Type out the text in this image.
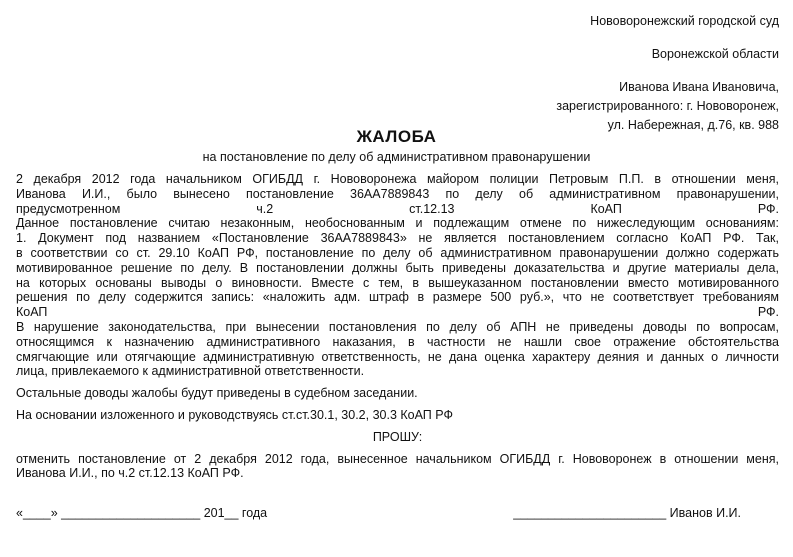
Нововоронежский городской суд
Воронежской области
Иванова Ивана Ивановича,
зарегистрированного: г. Нововоронеж,
ул. Набережная, д.76, кв. 988
ЖАЛОБА
на постановление по делу об административном правонарушении

2 декабря 2012 года начальником ОГИБДД г. Нововоронежа майором полиции Петровым П.П. в отношении меня,

Иванова И.И., было вынесено постановление 36АА7889843 по делу об административном правонарушении,

предусмотренном	ч.2	ст.12.13	КоАП	РФ.

Данное постановление считаю незаконным, необоснованным и подлежащим отмене по нижеследующим основаниям:

1. Документ под названием «Постановление 36АА7889843» не является постановлением согласно КоАП РФ. Так,

в соответствии со ст. 29.10 КоАП РФ, постановление по делу об административном правонарушении должно содержать

мотивированное решение по делу. В постановлении должны быть приведены доказательства и другие материалы дела,

на которых основаны выводы о виновности. Вместе с тем, в вышеуказанном постановлении вместо мотивированного

решения по делу содержится запись: «наложить адм. штраф в размере 500 руб.», что не соответствует требованиям

КоАП	РФ.

В нарушение законодательства, при вынесении постановления по делу об АПН не приведены доводы по вопросам,

относящимся к назначению административного наказания, в частности не нашли свое отражение обстоятельства

смягчающие или отягчающие административную ответственность, не дана оценка характеру деяния и данных о личности

лица, привлекаемого к административной ответственности.

Остальные доводы жалобы будут приведены в судебном заседании.

На основании изложенного и руководствуясь ст.ст.30.1, 30.2, 30.3 КоАП РФ

ПРОШУ:

отменить постановление от 2 декабря 2012 года, вынесенное начальником ОГИБДД г. Нововоронеж в отношении меня,

Иванова И.И., по ч.2 ст.12.13 КоАП РФ.

«____» ____________________ 201__ года	______________________ Иванов И.И.
